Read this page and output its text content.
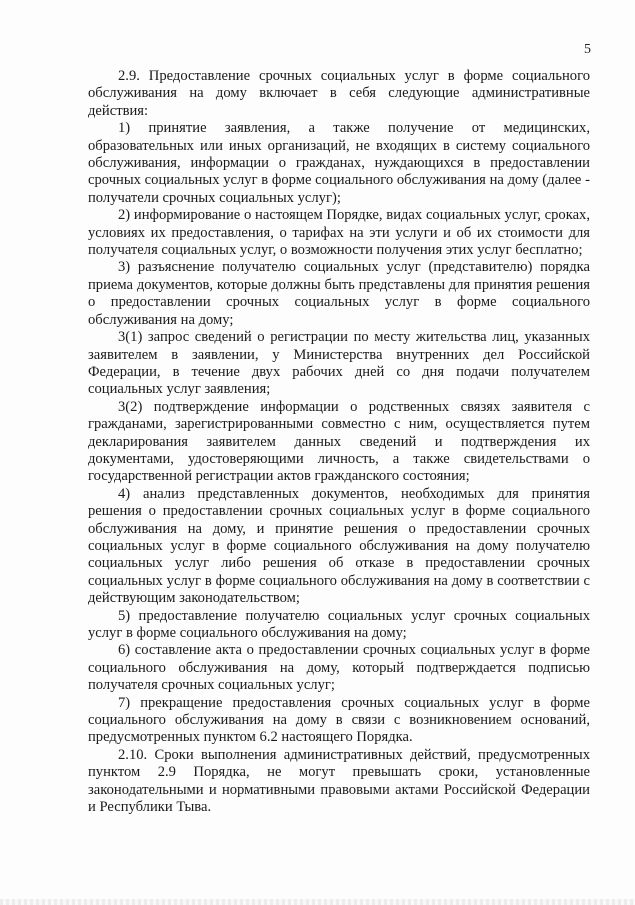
5

2.9. Предоставление срочных социальных услуг в форме социального обслуживания на дому включает в себя следующие административные действия:

1) принятие заявления, а также получение от медицинских, образовательных или иных организаций, не входящих в систему социального обслуживания, информации о гражданах, нуждающихся в предоставлении срочных социальных услуг в форме социального обслуживания на дому (далее - получатели срочных социальных услуг);

2) информирование о настоящем Порядке, видах социальных услуг, сроках, условиях их предоставления, о тарифах на эти услуги и об их стоимости для получателя социальных услуг, о возможности получения этих услуг бесплатно;

3) разъяснение получателю социальных услуг (представителю) порядка приема документов, которые должны быть представлены для принятия решения о предоставлении срочных социальных услуг в форме социального обслуживания на дому;

3(1) запрос сведений о регистрации по месту жительства лиц, указанных заявителем в заявлении, у Министерства внутренних дел Российской Федерации, в течение двух рабочих дней со дня подачи получателем социальных услуг заявления;

3(2) подтверждение информации о родственных связях заявителя с гражданами, зарегистрированными совместно с ним, осуществляется путем декларирования заявителем данных сведений и подтверждения их документами, удостоверяющими личность, а также свидетельствами о государственной регистрации актов гражданского состояния;

4) анализ представленных документов, необходимых для принятия решения о предоставлении срочных социальных услуг в форме социального обслуживания на дому, и принятие решения о предоставлении срочных социальных услуг в форме социального обслуживания на дому получателю социальных услуг либо решения об отказе в предоставлении срочных социальных услуг в форме социального обслуживания на дому в соответствии с действующим законодательством;

5) предоставление получателю социальных услуг срочных социальных услуг в форме социального обслуживания на дому;

6) составление акта о предоставлении срочных социальных услуг в форме социального обслуживания на дому, который подтверждается подписью получателя срочных социальных услуг;

7) прекращение предоставления срочных социальных услуг в форме социального обслуживания на дому в связи с возникновением оснований, предусмотренных пунктом 6.2 настоящего Порядка.

2.10. Сроки выполнения административных действий, предусмотренных пунктом 2.9 Порядка, не могут превышать сроки, установленные законодательными и нормативными правовыми актами Российской Федерации и Республики Тыва.
